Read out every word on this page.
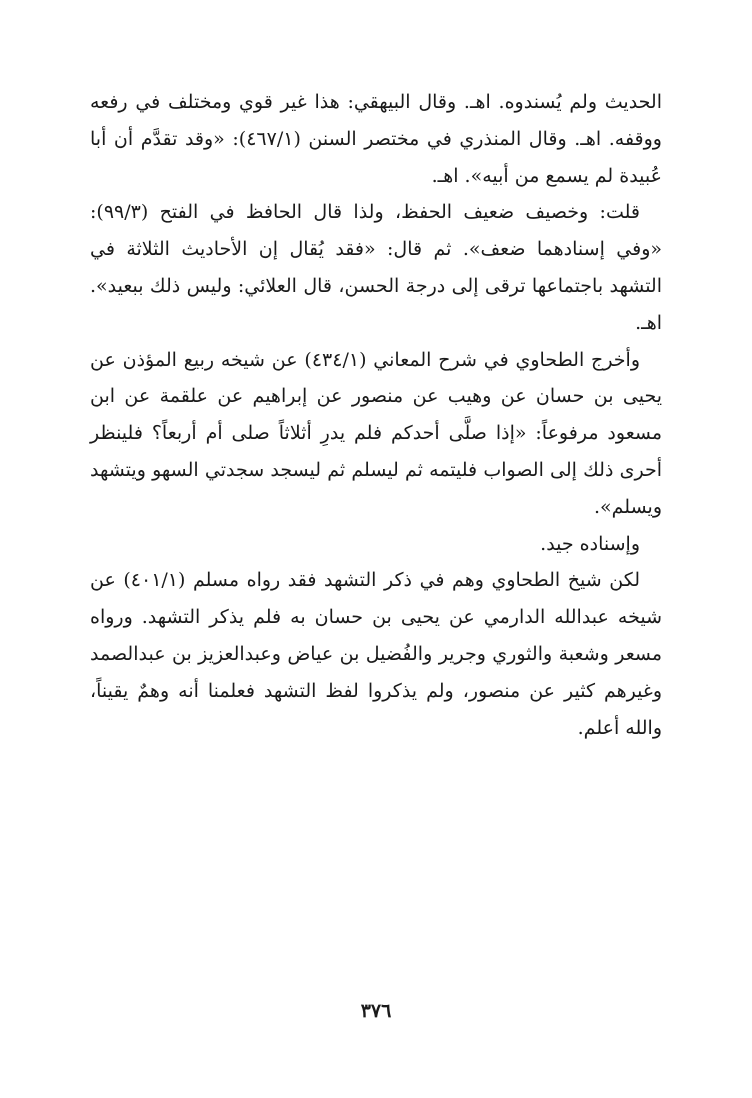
الحديث ولم يُسندوه. اهـ. وقال البيهقي: هذا غير قوي ومختلف في رفعه ووقفه. اهـ. وقال المنذري في مختصر السنن (٤٦٧/١): «وقد تقدَّم أن أبا عُبيدة لم يسمع من أبيه». اهـ.

قلت: وخصيف ضعيف الحفظ، ولذا قال الحافظ في الفتح (٩٩/٣): «وفي إسنادهما ضعف». ثم قال: «فقد يُقال إن الأحاديث الثلاثة في التشهد باجتماعها ترقى إلى درجة الحسن، قال العلائي: وليس ذلك ببعيد». اهـ.

وأخرج الطحاوي في شرح المعاني (٤٣٤/١) عن شيخه ربيع المؤذن عن يحيى بن حسان عن وهيب عن منصور عن إبراهيم عن علقمة عن ابن مسعود مرفوعاً: «إذا صلَّى أحدكم فلم يدرِ أثلاثاً صلى أم أربعاً؟ فلينظر أحرى ذلك إلى الصواب فليتمه ثم ليسلم ثم ليسجد سجدتي السهو ويتشهد ويسلم».

وإسناده جيد.

لكن شيخ الطحاوي وهم في ذكر التشهد فقد رواه مسلم (٤٠١/١) عن شيخه عبدالله الدارمي عن يحيى بن حسان به فلم يذكر التشهد. ورواه مسعر وشعبة والثوري وجرير والفُضيل بن عياض وعبدالعزيز بن عبدالصمد وغيرهم كثير عن منصور، ولم يذكروا لفظ التشهد فعلمنا أنه وهمٌ يقيناً، والله أعلم.

٣٧٦
